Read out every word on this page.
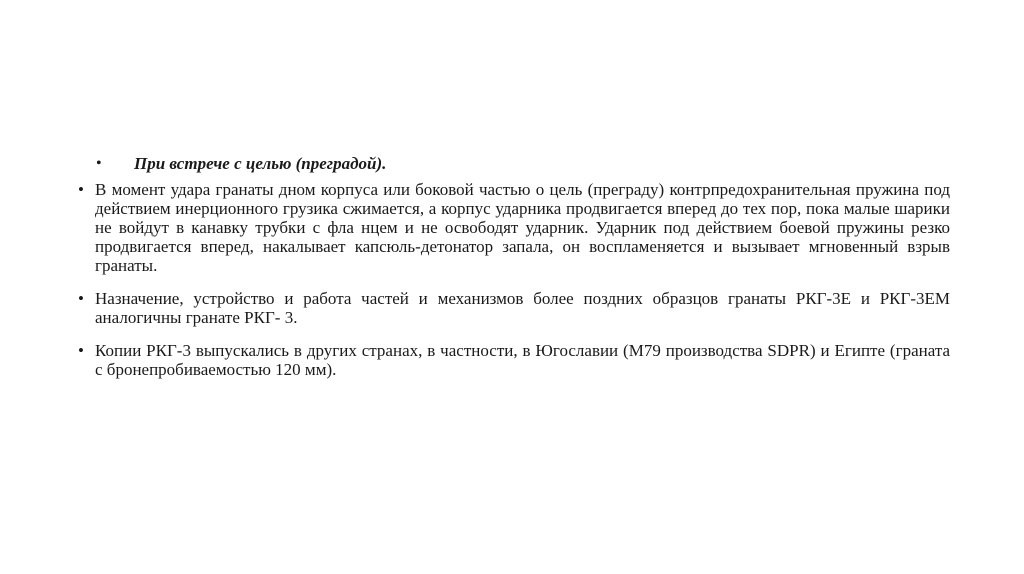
• При встрече с целью (преградой).
• В момент удара гранаты дном корпуса или боковой частью о цель (преграду) контрпредохранительная пружина под действием инерционного грузика сжимается, а корпус ударника продвигается вперед до тех пор, пока малые шарики не войдут в канавку трубки с фла нцем и не освободят ударник. Ударник под действием боевой пружины резко продвигается вперед, накалывает капсюль-детонатор запала, он воспламеняется и вызывает мгновенный взрыв гранаты.
• Назначение, устройство и работа частей и механизмов более поздних образцов гранаты РКГ-3Е и РКГ-3ЕМ аналогичны гранате РКГ- 3.
• Копии РКГ-3 выпускались в других странах, в частности, в Югославии (М79 производства SDPR) и Египте (граната с бронепробиваемостью 120 мм).
